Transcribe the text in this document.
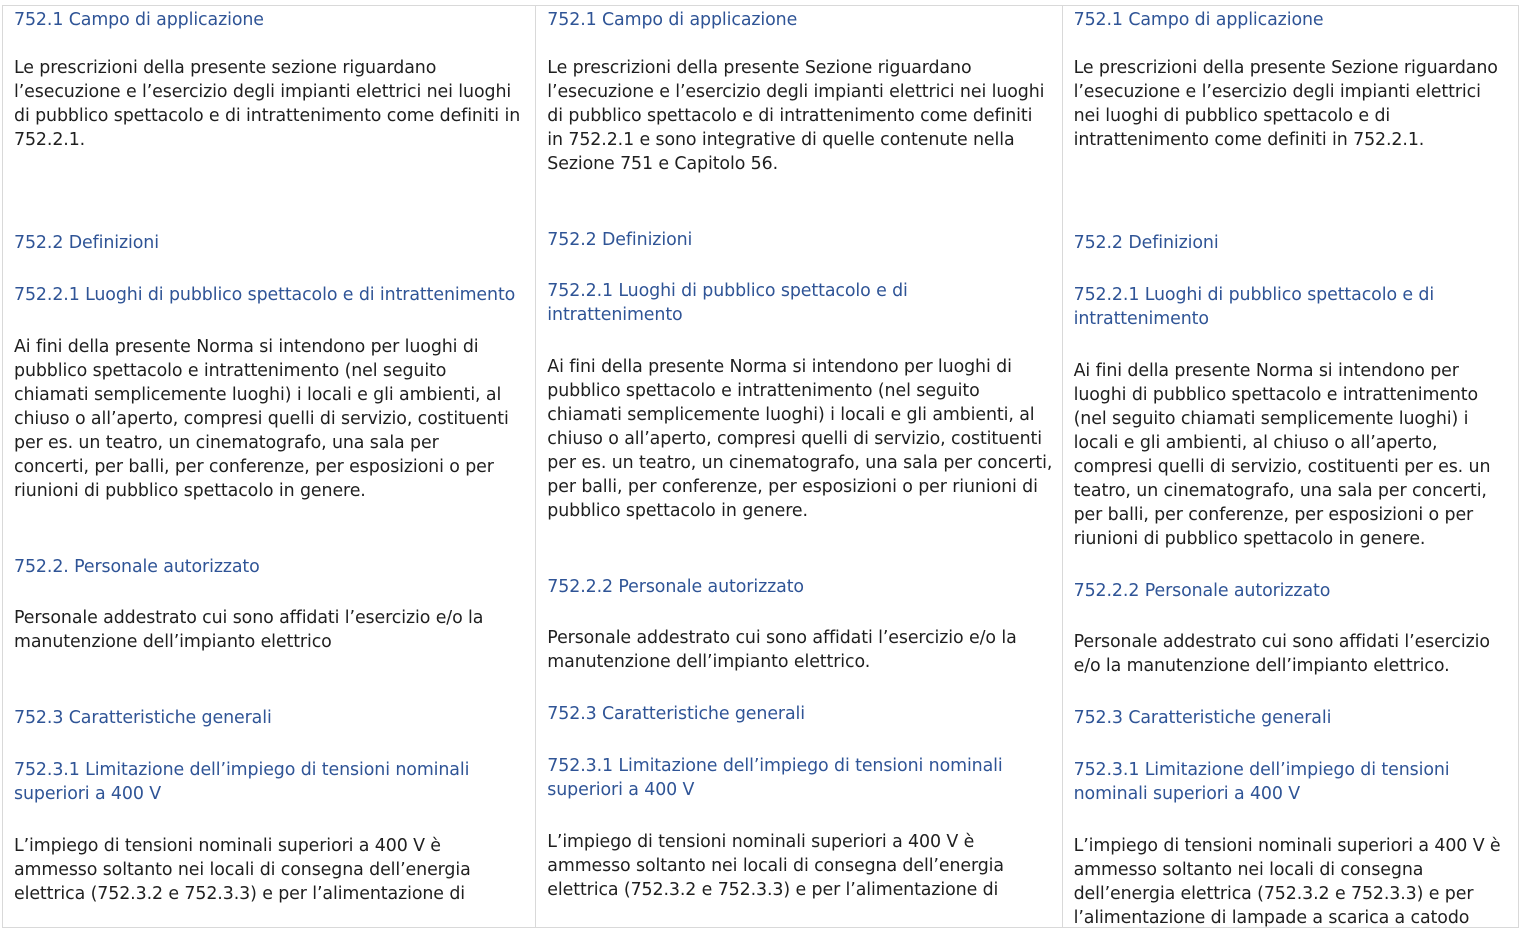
752.1 Campo di applicazione

Le prescrizioni della presente sezione riguardano l’esecuzione e l’esercizio degli impianti elettrici nei luoghi di pubblico spettacolo e di intrattenimento come definiti in 752.2.1.

752.2 Definizioni

752.2.1 Luoghi di pubblico spettacolo e di intrattenimento

Ai fini della presente Norma si intendono per luoghi di pubblico spettacolo e intrattenimento (nel seguito chiamati semplicemente luoghi) i locali e gli ambienti, al chiuso o all’aperto, compresi quelli di servizio, costituenti per es. un teatro, un cinematografo, una sala per concerti, per balli, per conferenze, per esposizioni o per riunioni di pubblico spettacolo in genere.

752.2. Personale autorizzato

Personale addestrato cui sono affidati l’esercizio e/o la manutenzione dell’impianto elettrico

752.3 Caratteristiche generali

752.3.1 Limitazione dell’impiego di tensioni nominali superiori a 400 V

L’impiego di tensioni nominali superiori a 400 V è ammesso soltanto nei locali di consegna dell’energia elettrica (752.3.2 e 752.3.3) e per l’alimentazione di

752.1 Campo di applicazione

Le prescrizioni della presente Sezione riguardano l’esecuzione e l’esercizio degli impianti elettrici nei luoghi di pubblico spettacolo e di intrattenimento come definiti in 752.2.1 e sono integrative di quelle contenute nella Sezione 751 e Capitolo 56.

752.2 Definizioni

752.2.1 Luoghi di pubblico spettacolo e di intrattenimento

Ai fini della presente Norma si intendono per luoghi di pubblico spettacolo e intrattenimento (nel seguito chiamati semplicemente luoghi) i locali e gli ambienti, al chiuso o all’aperto, compresi quelli di servizio, costituenti per es. un teatro, un cinematografo, una sala per concerti, per balli, per conferenze, per esposizioni o per riunioni di pubblico spettacolo in genere.

752.2.2 Personale autorizzato

Personale addestrato cui sono affidati l’esercizio e/o la manutenzione dell’impianto elettrico.

752.3 Caratteristiche generali

752.3.1 Limitazione dell’impiego di tensioni nominali superiori a 400 V

L’impiego di tensioni nominali superiori a 400 V è ammesso soltanto nei locali di consegna dell’energia elettrica (752.3.2 e 752.3.3) e per l’alimentazione di

752.1 Campo di applicazione

Le prescrizioni della presente Sezione riguardano l’esecuzione e l’esercizio degli impianti elettrici nei luoghi di pubblico spettacolo e di intrattenimento come definiti in 752.2.1.

752.2 Definizioni

752.2.1 Luoghi di pubblico spettacolo e di intrattenimento

Ai fini della presente Norma si intendono per luoghi di pubblico spettacolo e intrattenimento (nel seguito chiamati semplicemente luoghi) i locali e gli ambienti, al chiuso o all’aperto, compresi quelli di servizio, costituenti per es. un teatro, un cinematografo, una sala per concerti, per balli, per conferenze, per esposizioni o per riunioni di pubblico spettacolo in genere.

752.2.2 Personale autorizzato

Personale addestrato cui sono affidati l’esercizio e/o la manutenzione dell’impianto elettrico.

752.3 Caratteristiche generali

752.3.1 Limitazione dell’impiego di tensioni nominali superiori a 400 V

L’impiego di tensioni nominali superiori a 400 V è ammesso soltanto nei locali di consegna dell’energia elettrica (752.3.2 e 752.3.3) e per l’alimentazione di lampade a scarica a catodo
